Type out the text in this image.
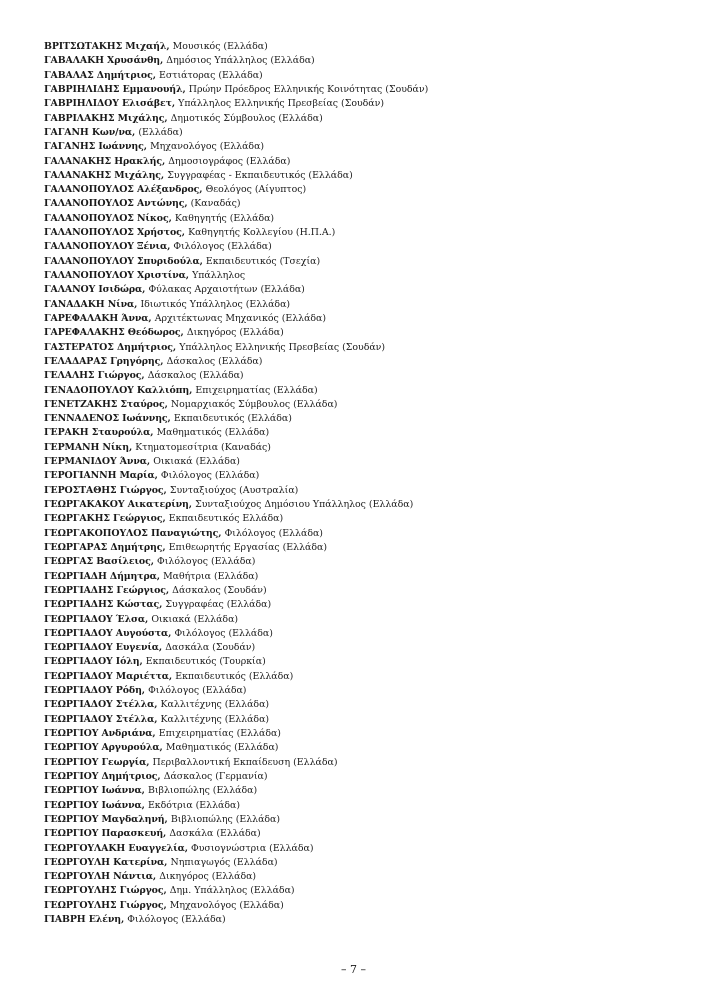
ΒΡΙΤΣΩΤΑΚΗΣ Μιχαήλ, Μουσικός (Ελλάδα)
ΓΑΒΑΛΑΚΗ Χρυσάνθη, Δημόσιος Υπάλληλος (Ελλάδα)
ΓΑΒΑΛΑΣ Δημήτριος, Εστιάτορας (Ελλάδα)
ΓΑΒΡΙΗΛΙΔΗΣ Εμμανουήλ, Πρώην Πρόεδρος Ελληνικής Κοινότητας (Σουδάν)
ΓΑΒΡΙΗΛΙΔΟΥ Ελισάβετ, Υπάλληλος Ελληνικής Πρεσβείας (Σουδάν)
ΓΑΒΡΙΛΑΚΗΣ Μιχάλης, Δημοτικός Σύμβουλος (Ελλάδα)
ΓΑΓΑΝΗ Κων/να, (Ελλάδα)
ΓΑΓΑΝΗΣ Ιωάννης, Μηχανολόγος (Ελλάδα)
ΓΑΛΑΝΑΚΗΣ Ηρακλής, Δημοσιογράφος (Ελλάδα)
ΓΑΛΑΝΑΚΗΣ Μιχάλης, Συγγραφέας - Εκπαιδευτικός (Ελλάδα)
ΓΑΛΑΝΟΠΟΥΛΟΣ Αλέξανδρος, Θεολόγος (Αίγυπτος)
ΓΑΛΑΝΟΠΟΥΛΟΣ Αντώνης, (Καναδάς)
ΓΑΛΑΝΟΠΟΥΛΟΣ Νίκος, Καθηγητής (Ελλάδα)
ΓΑΛΑΝΟΠΟΥΛΟΣ Χρήστος, Καθηγητής Κολλεγίου (Η.Π.Α.)
ΓΑΛΑΝΟΠΟΥΛΟΥ Ξένια, Φιλόλογος (Ελλάδα)
ΓΑΛΑΝΟΠΟΥΛΟΥ Σπυριδούλα, Εκπαιδευτικός (Τσεχία)
ΓΑΛΑΝΟΠΟΥΛΟΥ Χριστίνα, Υπάλληλος
ΓΑΛΑΝΟΥ Ισιδώρα, Φύλακας Αρχαιοτήτων (Ελλάδα)
ΓΑΝΑΔΑΚΗ Νίνα, Ιδιωτικός Υπάλληλος (Ελλάδα)
ΓΑΡΕΦΑΛΑΚΗ Άννα, Αρχιτέκτωνας Μηχανικός (Ελλάδα)
ΓΑΡΕΦΑΛΑΚΗΣ Θεόδωρος, Δικηγόρος (Ελλάδα)
ΓΑΣΤΕΡΑΤΟΣ Δημήτριος, Υπάλληλος Ελληνικής Πρεσβείας (Σουδάν)
ΓΕΛΑΔΑΡΑΣ Γρηγόρης, Δάσκαλος (Ελλάδα)
ΓΕΛΑΛΗΣ Γιώργος, Δάσκαλος (Ελλάδα)
ΓΕΝΑΔΟΠΟΥΛΟΥ Καλλιόπη, Επιχειρηματίας (Ελλάδα)
ΓΕΝΕΤΖΑΚΗΣ Σταύρος, Νομαρχιακός Σύμβουλος (Ελλάδα)
ΓΕΝΝΑΔΕΝΟΣ Ιωάννης, Εκπαιδευτικός (Ελλάδα)
ΓΕΡΑΚΗ Σταυρούλα, Μαθηματικός (Ελλάδα)
ΓΕΡΜΑΝΗ Νίκη, Κτηματομεσίτρια (Καναδάς)
ΓΕΡΜΑΝΙΔΟΥ Άννα, Οικιακά (Ελλάδα)
ΓΕΡΟΓΙΑΝΝΗ Μαρία, Φιλόλογος (Ελλάδα)
ΓΕΡΟΣΤΑΘΗΣ Γιώργος, Συνταξιούχος (Αυστραλία)
ΓΕΩΡΓΑΚΑΚΟΥ Αικατερίνη, Συνταξιούχος Δημόσιου Υπάλληλος (Ελλάδα)
ΓΕΩΡΓΑΚΗΣ Γεώργιος, Εκπαιδευτικός Ελλάδα)
ΓΕΩΡΓΑΚΟΠΟΥΛΟΣ Παναγιώτης, Φιλόλογος (Ελλάδα)
ΓΕΩΡΓΑΡΑΣ Δημήτρης, Επιθεωρητής Εργασίας (Ελλάδα)
ΓΕΩΡΓΑΣ Βασίλειος, Φιλόλογος (Ελλάδα)
ΓΕΩΡΓΙΑΔΗ Δήμητρα, Μαθήτρια (Ελλάδα)
ΓΕΩΡΓΙΑΔΗΣ Γεώργιος, Δάσκαλος (Σουδάν)
ΓΕΩΡΓΙΑΔΗΣ Κώστας, Συγγραφέας (Ελλάδα)
ΓΕΩΡΓΙΑΔΟΥ Έλσα, Οικιακά (Ελλάδα)
ΓΕΩΡΓΙΑΔΟΥ Αυγούστα, Φιλόλογος (Ελλάδα)
ΓΕΩΡΓΙΑΔΟΥ Ευγενία, Δασκάλα (Σουδάν)
ΓΕΩΡΓΙΑΔΟΥ Ιόλη, Εκπαιδευτικός (Τουρκία)
ΓΕΩΡΓΙΑΔΟΥ Μαριέττα, Εκπαιδευτικός (Ελλάδα)
ΓΕΩΡΓΙΑΔΟΥ Ρόδη, Φιλόλογος (Ελλάδα)
ΓΕΩΡΓΙΑΔΟΥ Στέλλα, Καλλιτέχνης (Ελλάδα)
ΓΕΩΡΓΙΑΔΟΥ Στέλλα, Καλλιτέχνης (Ελλάδα)
ΓΕΩΡΓΙΟΥ Ανδριάνα, Επιχειρηματίας (Ελλάδα)
ΓΕΩΡΓΙΟΥ Αργυρούλα, Μαθηματικός (Ελλάδα)
ΓΕΩΡΓΙΟΥ Γεωργία, Περιβαλλοντική Εκπαίδευση (Ελλάδα)
ΓΕΩΡΓΙΟΥ Δημήτριος, Δάσκαλος (Γερμανία)
ΓΕΩΡΓΙΟΥ Ιωάννα, Βιβλιοπώλης (Ελλάδα)
ΓΕΩΡΓΙΟΥ Ιωάννα, Εκδότρια (Ελλάδα)
ΓΕΩΡΓΙΟΥ Μαγδαληνή, Βιβλιοπώλης (Ελλάδα)
ΓΕΩΡΓΙΟΥ Παρασκευή, Δασκάλα (Ελλάδα)
ΓΕΩΡΓΟΥΛΑΚΗ Ευαγγελία, Φυσιογνώστρια (Ελλάδα)
ΓΕΩΡΓΟΥΛΗ Κατερίνα, Νηπιαγωγός (Ελλάδα)
ΓΕΩΡΓΟΥΛΗ Νάντια, Δικηγόρος (Ελλάδα)
ΓΕΩΡΓΟΥΛΗΣ Γιώργος, Δημ. Υπάλληλος (Ελλάδα)
ΓΕΩΡΓΟΥΛΗΣ Γιώργος, Μηχανολόγος (Ελλάδα)
ΓΙΑΒΡΗ Ελένη, Φιλόλογος (Ελλάδα)
– 7 –
